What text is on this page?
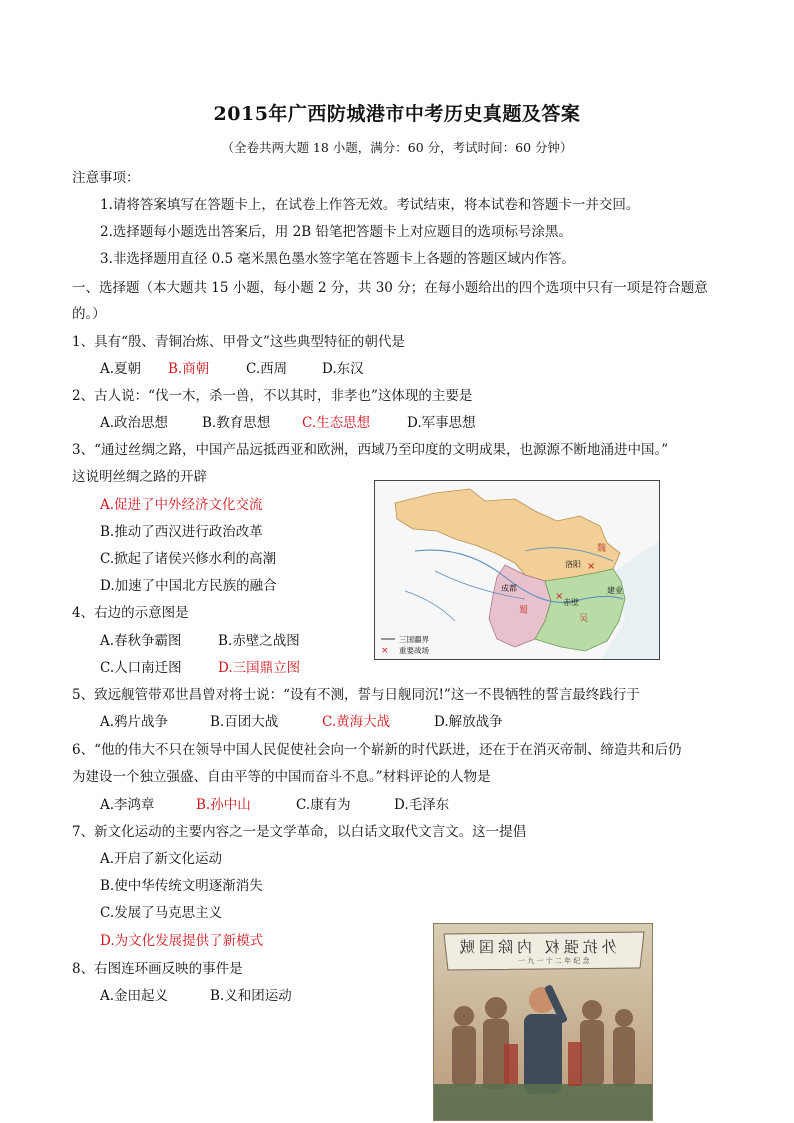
2015年广西防城港市中考历史真题及答案
（全卷共两大题 18 小题，满分：60 分，考试时间：60 分钟）
注意事项：
1.请将答案填写在答题卡上，在试卷上作答无效。考试结束，将本试卷和答题卡一并交回。
2.选择题每小题选出答案后，用 2B 铅笔把答题卡上对应题目的选项标号涂黑。
3.非选择题用直径 0.5 毫米黑色墨水签字笔在答题卡上各题的答题区域内作答。
一、选择题（本大题共 15 小题，每小题 2 分，共 30 分；在每小题给出的四个选项中只有一项是符合题意
的。）
1、具有“殷、青铜冶炼、甲骨文”这些典型特征的朝代是
A.夏朝 B.商朝	C.西周	D.东汉
2、古人说：“伐一木，杀一兽，不以其时，非孝也”这体现的主要是
A.政治思想	B.教育思想 C.生态思想	D.军事思想
3、“通过丝绸之路，中国产品远抵西亚和欧洲，西域乃至印度的文明成果，也源源不断地涌进中国。”
这说明丝绸之路的开辟
A.促进了中外经济文化交流
B.推动了西汉进行政治改革
C.掀起了诸侯兴修水利的高潮
D.加速了中国北方民族的融合
×
×
×
魏
蜀
吴
洛阳
成都	建业
赤壁
三国疆界
重要战场
4、右边的示意图是
A.春秋争霸图	B.赤壁之战图
C.人口南迁图	D.三国鼎立图
5、致远舰管带邓世昌曾对将士说：“设有不测，誓与日舰同沉!”这一不畏牺牲的誓言最终践行于
A.鸦片战争	B.百团大战	C.黄海大战	D.解放战争
6、“他的伟大不只在领导中国人民促使社会向一个崭新的时代跃进，还在于在消灭帝制、缔造共和后仍
为建设一个独立强盛、自由平等的中国而奋斗不息。”材料评论的人物是
A.李鸿章	B.孙中山	C.康有为	D.毛泽东
7、新文化运动的主要内容之一是文学革命，以白话文取代文言文。这一提倡
A.开启了新文化运动
B.使中华传统文明逐渐消失
C.发展了马克思主义
D.为文化发展提供了新模式
8、右图连环画反映的事件是
A.金田起义	B.义和团运动
外抗强权 内除国贼
一 九 一 十 二 年 纪 念
